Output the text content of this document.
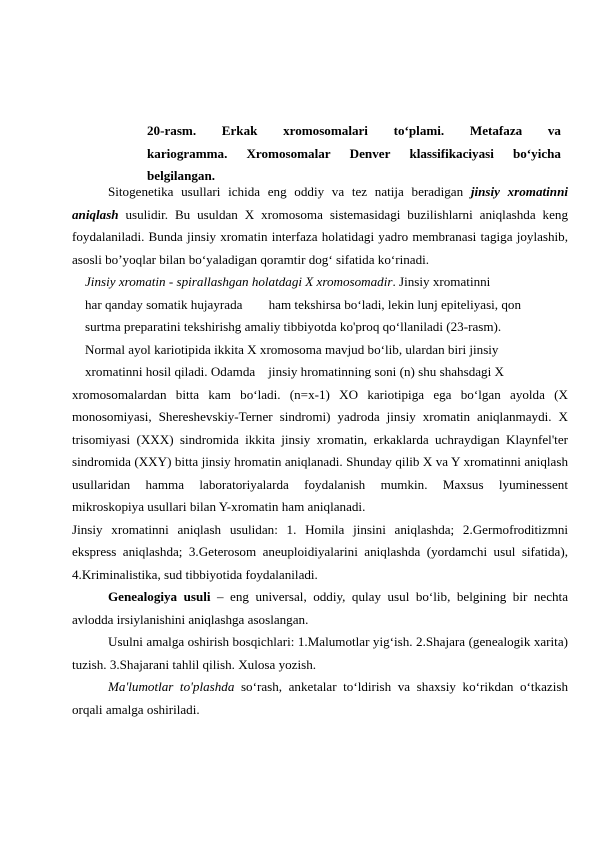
20-rasm. Erkak xromosomalari to‘plami. Metafaza va
kariogramma. Xromosomalar Denver klassifikaciyasi bo‘yicha
belgilangan.
Sitogenetika usullari ichida eng oddiy va tez natija beradigan jinsiy xromatinni aniqlash usulidir. Bu usuldan X xromosoma sistemasidagi buzilishlarni aniqlashda keng foydalaniladi. Bunda jinsiy xromatin interfaza holatidagi yadro membranasi tagiga joylashib, asosli bo’yoqlar bilan bo‘yaladigan qoramtir dog‘ sifatida ko‘rinadi.
Jinsiy xromatin - spirallashgan holatdagi X xromosomadir. Jinsiy xromatinni
har qanday somatik hujayrada        ham tekshirsa bo‘ladi, lekin lunj epiteliyasi, qon
surtma preparatini tekshirishg amaliy tibbiyotda ko'proq qo‘llaniladi (23-rasm).
Normal ayol kariotipida ikkita X xromosoma mavjud bo‘lib, ulardan biri jinsiy
xromatinni hosil qiladi. Odamda    jinsiy hromatinning soni (n) shu shahsdagi X
xromosomalardan bitta kam bo‘ladi. (n=x-1) XO kariotipiga ega bo‘lgan ayolda (X monosomiyasi, Shereshevskiy-Terner sindromi) yadroda jinsiy xromatin aniqlanmaydi. X trisomiyasi (XXX) sindromida ikkita jinsiy xromatin, erkaklarda uchraydigan Klaynfel'ter sindromida (XXY) bitta jinsiy hromatin aniqlanadi. Shunday qilib X va Y xromatinni aniqlash usullaridan hamma laboratoriyalarda foydalanish mumkin. Maxsus lyuminessent mikroskopiya usullari bilan Y-xromatin ham aniqlanadi.
Jinsiy xromatinni aniqlash usulidan: 1. Homila jinsini aniqlashda; 2.Germofroditizmni ekspress aniqlashda; 3.Geterosom aneuploidiyalarini aniqlashda (yordamchi usul sifatida), 4.Kriminalistika, sud tibbiyotida foydalaniladi.
Genealogiya usuli – eng universal, oddiy, qulay usul bo‘lib, belgining bir nechta avlodda irsiylanishini aniqlashga asoslangan.
Usulni amalga oshirish bosqichlari: 1.Malumotlar yig‘ish. 2.Shajara (genealogik xarita) tuzish. 3.Shajarani tahlil qilish. Xulosa yozish.
Ma'lumotlar to'plashda so‘rash, anketalar to‘ldirish va shaxsiy ko‘rikdan o‘tkazish orqali amalga oshiriladi.
